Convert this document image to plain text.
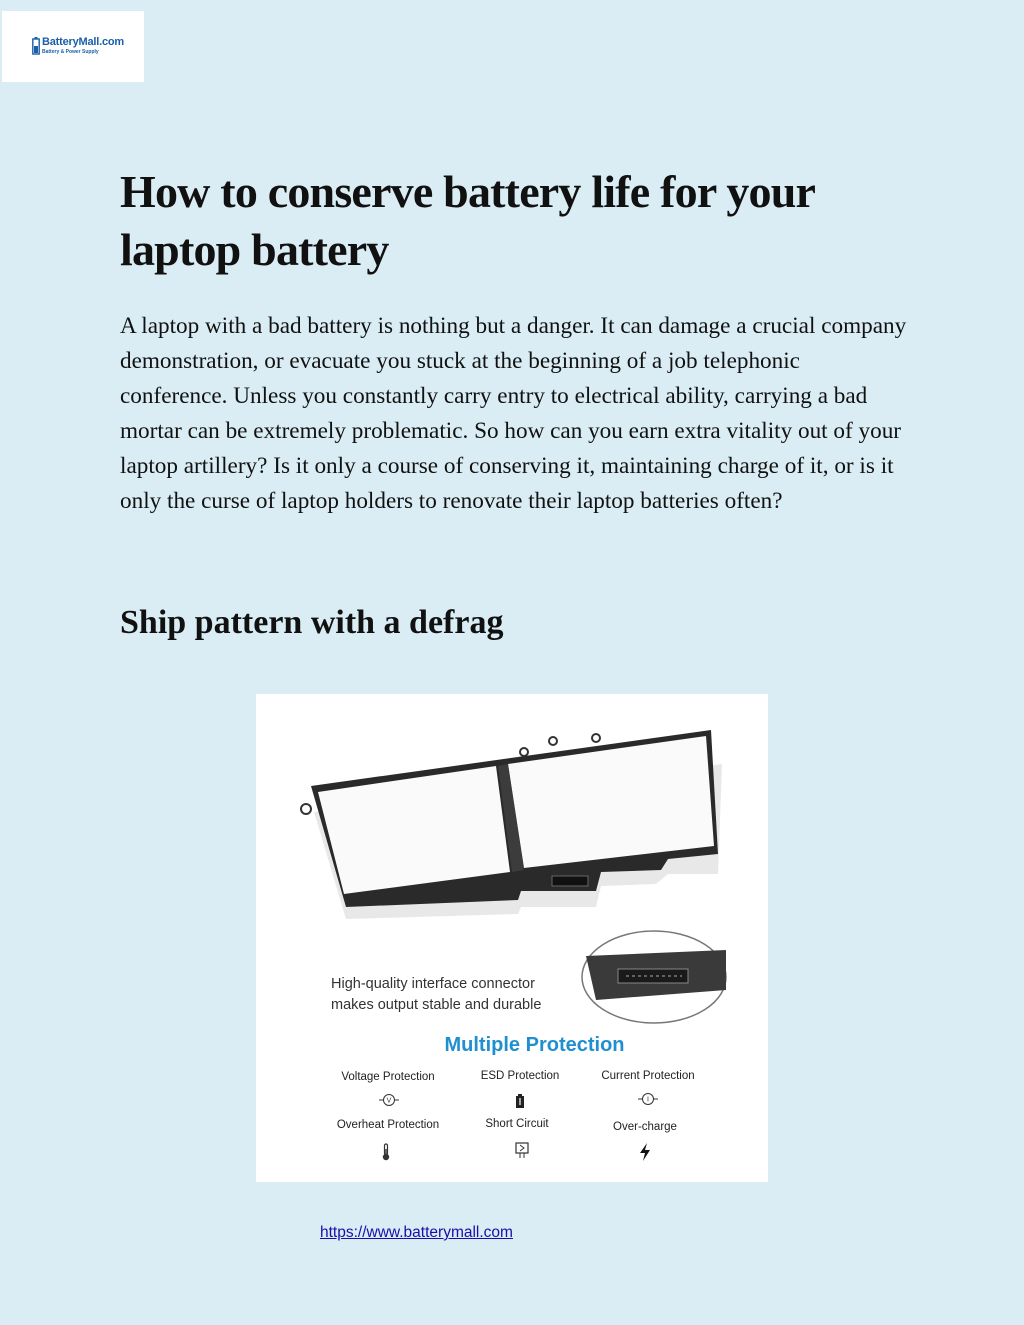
BatteryMall.com
Battery & Power Supply
How to conserve battery life for your laptop battery

A laptop with a bad battery is nothing but a danger. It can damage a crucial company demonstration, or evacuate you stuck at the beginning of a job telephonic conference. Unless you constantly carry entry to electrical ability, carrying a bad mortar can be extremely problematic. So how can you earn extra vitality out of your laptop artillery? Is it only a course of conserving it, maintaining charge of it, or is it only the curse of laptop holders to renovate their laptop batteries often?

Ship pattern with a defrag
High-quality interface connector
makes output stable and durable
Multiple Protection
Voltage Protection	ESD Protection	Current Protection
V	I
Overheat Protection	Short Circuit	Over-charge
https://www.batterymall.com
